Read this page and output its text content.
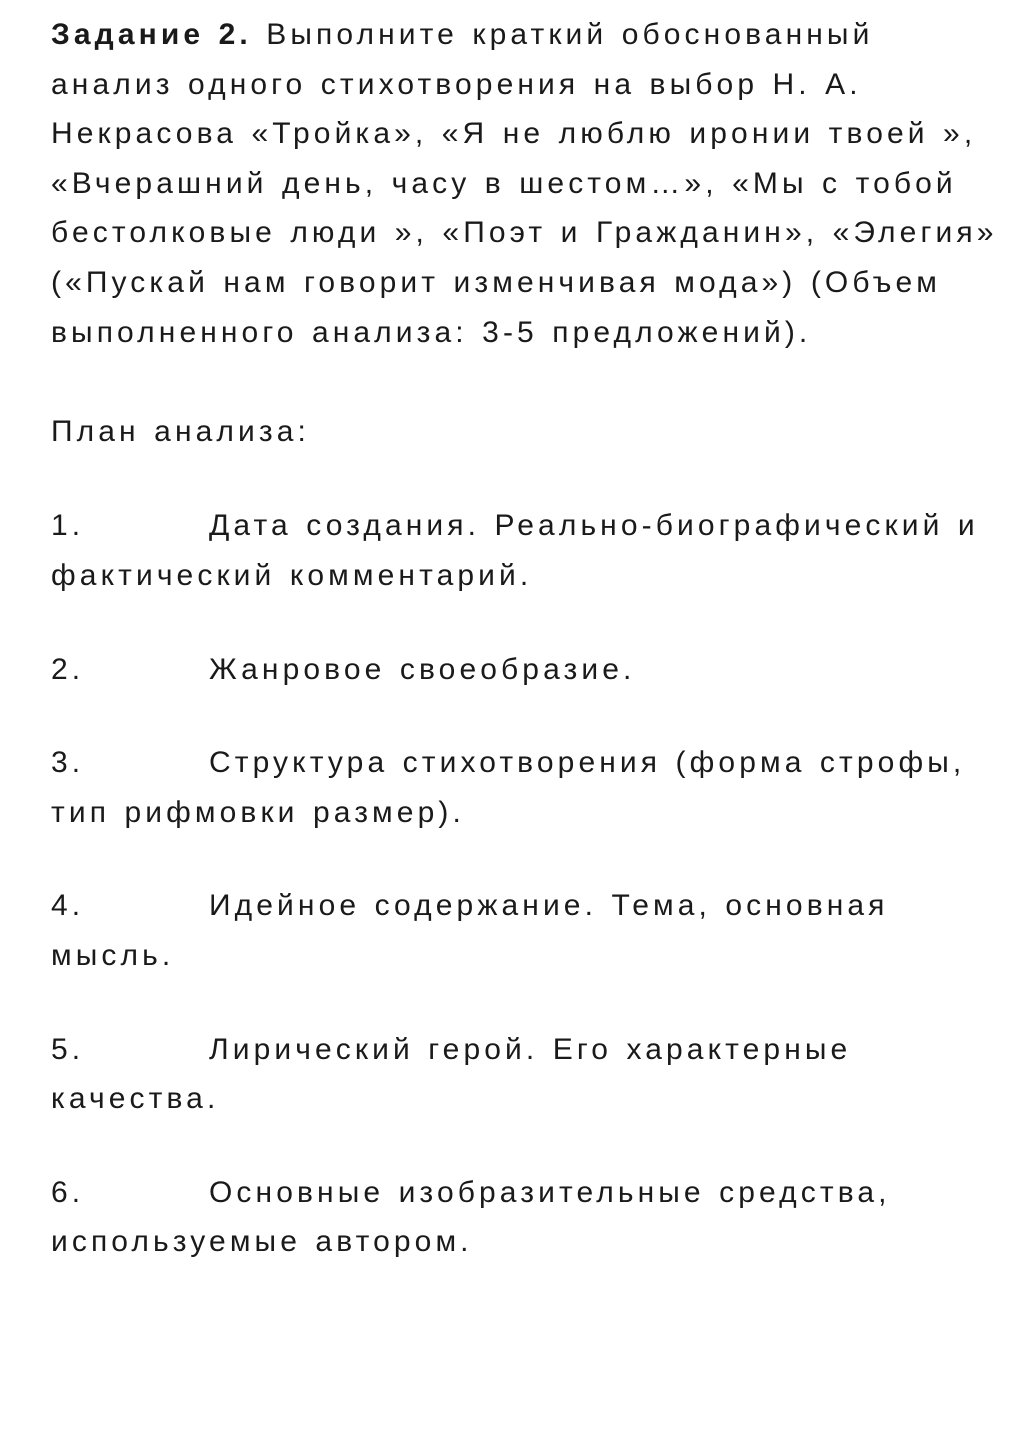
Задание 2. Выполните краткий обоснованный анализ одного стихотворения на выбор Н. А. Некрасова «Тройка», «Я не люблю иронии твоей », «Вчерашний день, часу в шестом…», «Мы с тобой бестолковые люди », «Поэт и Гражданин», «Элегия» («Пускай нам говорит изменчивая мода») (Объем выполненного анализа: 3-5 предложений).

План анализа:

1.	Дата создания. Реально-биографический и фактический комментарий.
2.	Жанровое своеобразие.
3.	Структура стихотворения (форма строфы, тип рифмовки размер).
4.	Идейное содержание. Тема, основная мысль.
5.	Лирический герой. Его характерные качества.
6.	Основные изобразительные средства, используемые автором.
